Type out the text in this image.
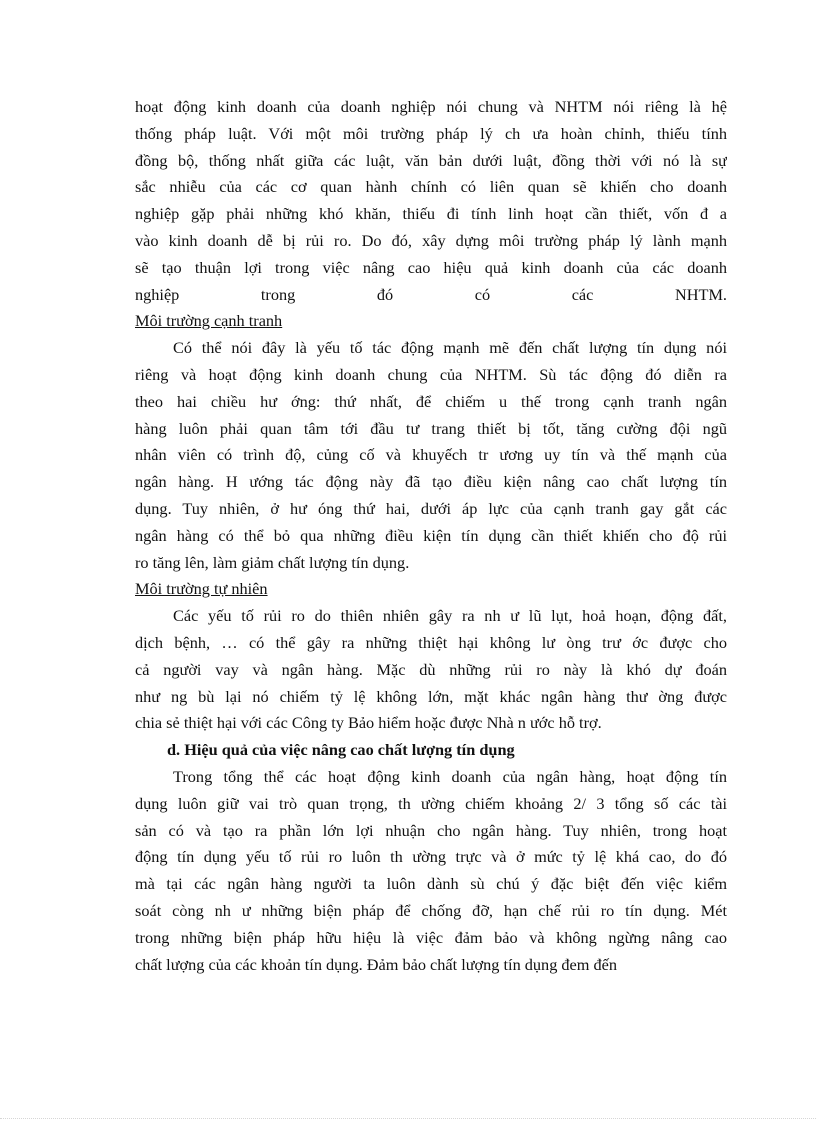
hoạt động kinh doanh của doanh nghiệp nói chung và NHTM nói riêng là hệ
thống pháp luật. Với một môi trường pháp lý ch ưa hoàn chỉnh, thiếu tính
đồng bộ, thống nhất giữa các luật, văn bản dưới luật, đồng thời với nó là sự
sắc nhiễu của các cơ quan hành chính có liên quan sẽ khiến cho doanh
nghiệp gặp phải những khó khăn, thiếu đi tính linh hoạt cần thiết, vốn đ a
vào kinh doanh dễ bị rủi ro. Do đó, xây dựng môi trường pháp lý lành mạnh
sẽ tạo thuận lợi trong việc nâng cao hiệu quả kinh doanh của các doanh
nghiệp trong đó có các NHTM.
Môi trường cạnh tranh
Có thể nói đây là yếu tố tác động mạnh mẽ đến chất lượng tín dụng nói
riêng và hoạt động kinh doanh chung của NHTM. Sù tác động đó diễn ra
theo hai chiều hư ớng: thứ nhất, để chiếm u thế trong cạnh tranh ngân
hàng luôn phải quan tâm tới đầu tư trang thiết bị tốt, tăng cường đội ngũ
nhân viên có trình độ, củng cố và khuyếch tr ương uy tín và thế mạnh của
ngân hàng. H ướng tác động này đã tạo điều kiện nâng cao chất lượng tín
dụng. Tuy nhiên, ở hư óng thứ hai, dưới áp lực của cạnh tranh gay gắt các
ngân hàng có thể bỏ qua những điều kiện tín dụng cần thiết khiến cho độ rủi
ro tăng lên, làm giảm chất lượng tín dụng.
Môi trường tự nhiên
Các yếu tố rủi ro do thiên nhiên gây ra nh ư lũ lụt, hoả hoạn, động đất,
dịch bệnh, … có thể gây ra những thiệt hại không lư òng trư ớc được cho
cả người vay và ngân hàng. Mặc dù những rủi ro này là khó dự đoán
như ng bù lại nó chiếm tỷ lệ không lớn, mặt khác ngân hàng thư ờng được
chia sẻ thiệt hại với các Công ty Bảo hiểm hoặc được Nhà n ước hỗ trợ.
d. Hiệu quả của việc nâng cao chất lượng tín dụng
Trong tổng thể các hoạt động kinh doanh của ngân hàng, hoạt động tín
dụng luôn giữ vai trò quan trọng, th ường chiếm khoảng 2/ 3 tổng số các tài
sản có và tạo ra phần lớn lợi nhuận cho ngân hàng. Tuy nhiên, trong hoạt
động tín dụng yếu tố rủi ro luôn th ường trực và ở mức tỷ lệ khá cao, do đó
mà tại các ngân hàng người ta luôn dành sù chú ý đặc biệt đến việc kiểm
soát còng nh ư những biện pháp để chống đỡ, hạn chế rủi ro tín dụng. Mét
trong những biện pháp hữu hiệu là việc đảm bảo và không ngừng nâng cao
chất lượng của các khoản tín dụng. Đảm bảo chất lượng tín dụng đem đến
